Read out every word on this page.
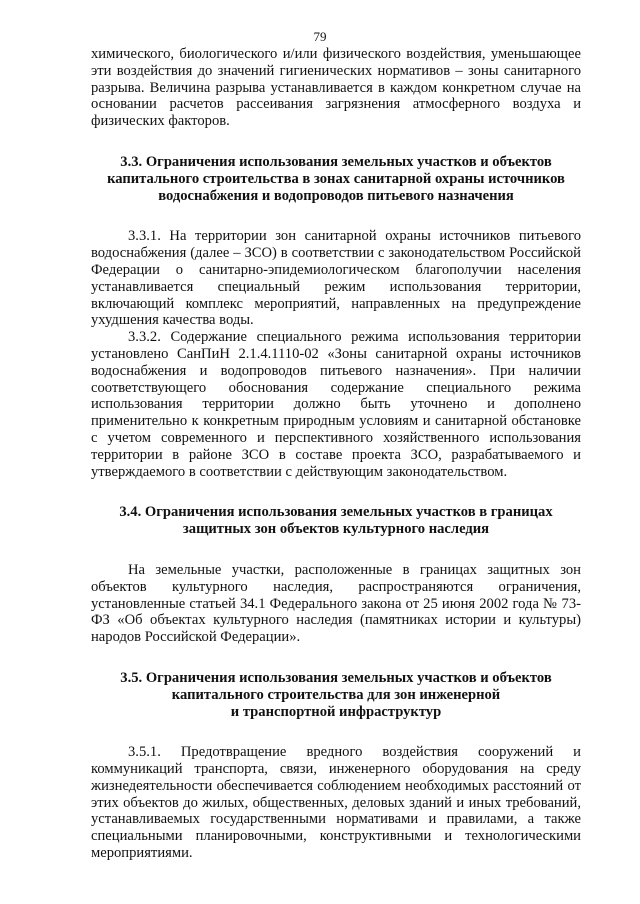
79

химического, биологического и/или физического воздействия, уменьшающее эти воздействия до значений гигиенических нормативов – зоны санитарного разрыва. Величина разрыва устанавливается в каждом конкретном случае на основании расчетов рассеивания загрязнения атмосферного воздуха и физических факторов.

3.3. Ограничения использования земельных участков и объектов
капитального строительства в зонах санитарной охраны источников
водоснабжения и водопроводов питьевого назначения

3.3.1. На территории зон санитарной охраны источников питьевого водоснабжения (далее – ЗСО) в соответствии с законодательством Российской Федерации о санитарно-эпидемиологическом благополучии населения устанавливается специальный режим использования территории, включающий комплекс мероприятий, направленных на предупреждение ухудшения качества воды.

3.3.2. Содержание специального режима использования территории установлено СанПиН 2.1.4.1110-02 «Зоны санитарной охраны источников водоснабжения и водопроводов питьевого назначения». При наличии соответствующего обоснования содержание специального режима использования территории должно быть уточнено и дополнено применительно к конкретным природным условиям и санитарной обстановке с учетом современного и перспективного хозяйственного использования территории в районе ЗСО в составе проекта ЗСО, разрабатываемого и утверждаемого в соответствии с действующим законодательством.

3.4. Ограничения использования земельных участков в границах
защитных зон объектов культурного наследия

На земельные участки, расположенные в границах защитных зон объектов культурного наследия, распространяются ограничения, установленные статьей 34.1 Федерального закона от 25 июня 2002 года № 73-ФЗ «Об объектах культурного наследия (памятниках истории и культуры) народов Российской Федерации».

3.5. Ограничения использования земельных участков и объектов
капитального строительства для зон инженерной
и транспортной инфраструктур

3.5.1. Предотвращение вредного воздействия сооружений и коммуникаций транспорта, связи, инженерного оборудования на среду жизнедеятельности обеспечивается соблюдением необходимых расстояний от этих объектов до жилых, общественных, деловых зданий и иных требований, устанавливаемых государственными нормативами и правилами, а также специальными планировочными, конструктивными и технологическими мероприятиями.
